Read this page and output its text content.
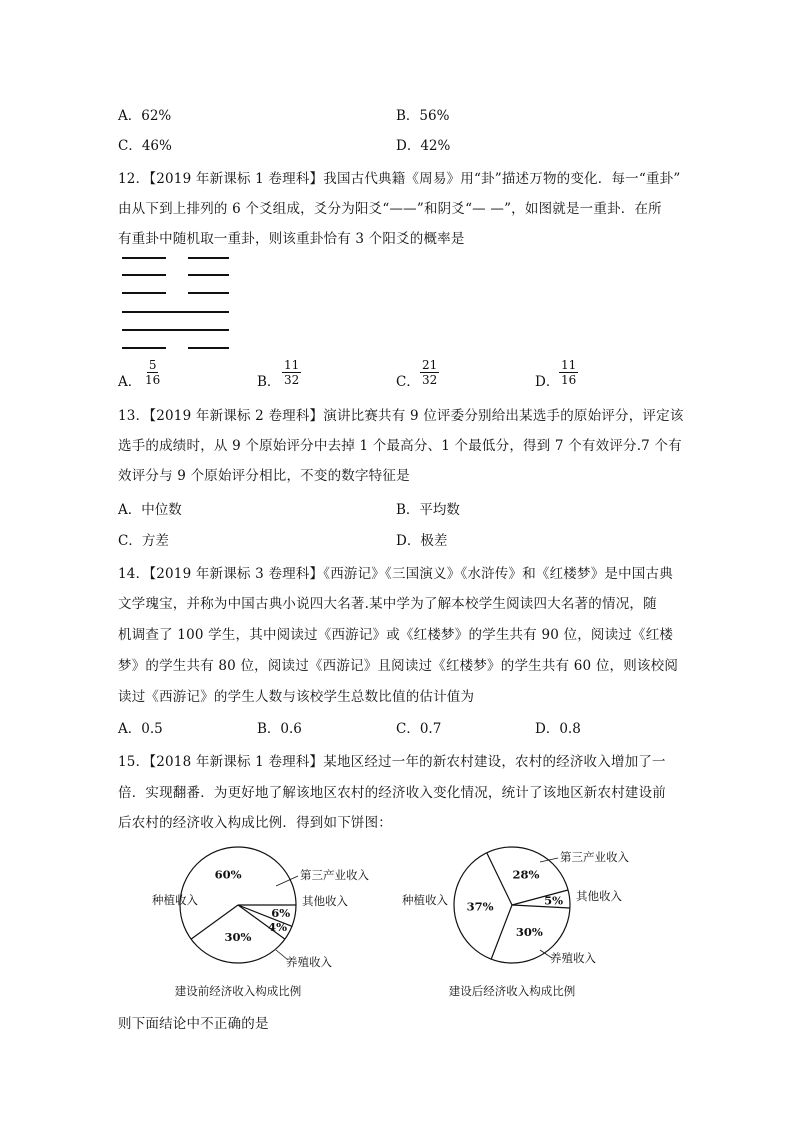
A．62%	B．56%
C．46%	D．42%
12．【2019 年新课标 1 卷理科】我国古代典籍《周易》用“卦”描述万物的变化．每一“重卦”
由从下到上排列的 6 个爻组成，爻分为阳爻“——”和阴爻“— —”，如图就是一重卦．在所
有重卦中随机取一重卦，则该重卦恰有 3 个阳爻的概率是
A． $\frac{5}{16}$	B． $\frac{11}{32}$	C． $\frac{21}{32}$	D． $\frac{11}{16}$
13．【2019 年新课标 2 卷理科】演讲比赛共有 9 位评委分别给出某选手的原始评分，评定该
选手的成绩时，从 9 个原始评分中去掉 1 个最高分、1 个最低分，得到 7 个有效评分.7 个有
效评分与 9 个原始评分相比，不变的数字特征是
A．中位数	B．平均数
C．方差	D．极差
14．【2019 年新课标 3 卷理科】《西游记》《三国演义》《水浒传》和《红楼梦》是中国古典
文学瑰宝，并称为中国古典小说四大名著.某中学为了解本校学生阅读四大名著的情况，随
机调查了 100 学生，其中阅读过《西游记》或《红楼梦》的学生共有 90 位，阅读过《红楼
梦》的学生共有 80 位，阅读过《西游记》且阅读过《红楼梦》的学生共有 60 位，则该校阅
读过《西游记》的学生人数与该校学生总数比值的估计值为
A．0.5	B．0.6	C．0.7	D．0.8
15．【2018 年新课标 1 卷理科】某地区经过一年的新农村建设，农村的经济收入增加了一
倍．实现翻番．为更好地了解该地区农村的经济收入变化情况，统计了该地区新农村建设前
后农村的经济收入构成比例．得到如下饼图：
60%
6%
4%
30%
种植收入
第三产业收入
其他收入
养殖收入
建设前经济收入构成比例
37%
28%
5%
30%
种植收入
第三产业收入
其他收入
养殖收入
建设后经济收入构成比例
则下面结论中不正确的是
